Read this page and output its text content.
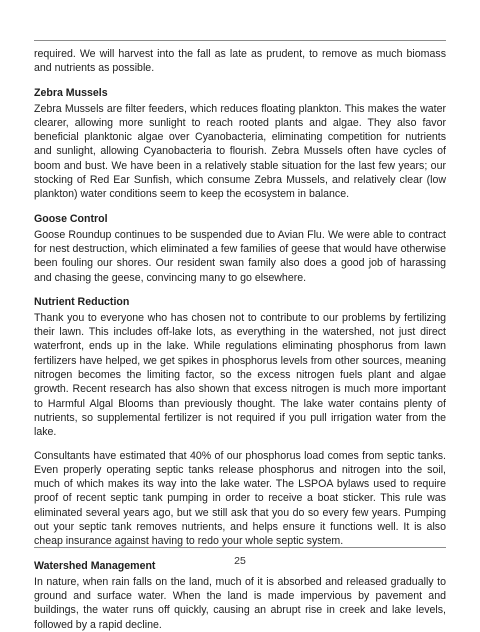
required. We will harvest into the fall as late as prudent, to remove as much biomass and nutrients as possible.

Zebra Mussels

Zebra Mussels are filter feeders, which reduces floating plankton. This makes the water clearer, allowing more sunlight to reach rooted plants and algae. They also favor beneficial planktonic algae over Cyanobacteria, eliminating competition for nutrients and sunlight, allowing Cyanobacteria to flourish. Zebra Mussels often have cycles of boom and bust. We have been in a relatively stable situation for the last few years; our stocking of Red Ear Sunfish, which consume Zebra Mussels, and relatively clear (low plankton) water conditions seem to keep the ecosystem in balance.

Goose Control

Goose Roundup continues to be suspended due to Avian Flu. We were able to contract for nest destruction, which eliminated a few families of geese that would have otherwise been fouling our shores. Our resident swan family also does a good job of harassing and chasing the geese, convincing many to go elsewhere.

Nutrient Reduction

Thank you to everyone who has chosen not to contribute to our problems by fertilizing their lawn. This includes off-lake lots, as everything in the watershed, not just direct waterfront, ends up in the lake. While regulations eliminating phosphorus from lawn fertilizers have helped, we get spikes in phosphorus levels from other sources, meaning nitrogen becomes the limiting factor, so the excess nitrogen fuels plant and algae growth. Recent research has also shown that excess nitrogen is much more important to Harmful Algal Blooms than previously thought. The lake water contains plenty of nutrients, so supplemental fertilizer is not required if you pull irrigation water from the lake.

Consultants have estimated that 40% of our phosphorus load comes from septic tanks. Even properly operating septic tanks release phosphorus and nitrogen into the soil, much of which makes its way into the lake water. The LSPOA bylaws used to require proof of recent septic tank pumping in order to receive a boat sticker. This rule was eliminated several years ago, but we still ask that you do so every few years. Pumping out your septic tank removes nutrients, and helps ensure it functions well. It is also cheap insurance against having to redo your whole septic system.

Watershed Management

In nature, when rain falls on the land, much of it is absorbed and released gradually to ground and surface water. When the land is made impervious by pavement and buildings, the water runs off quickly, causing an abrupt rise in creek and lake levels, followed by a rapid decline.

25
